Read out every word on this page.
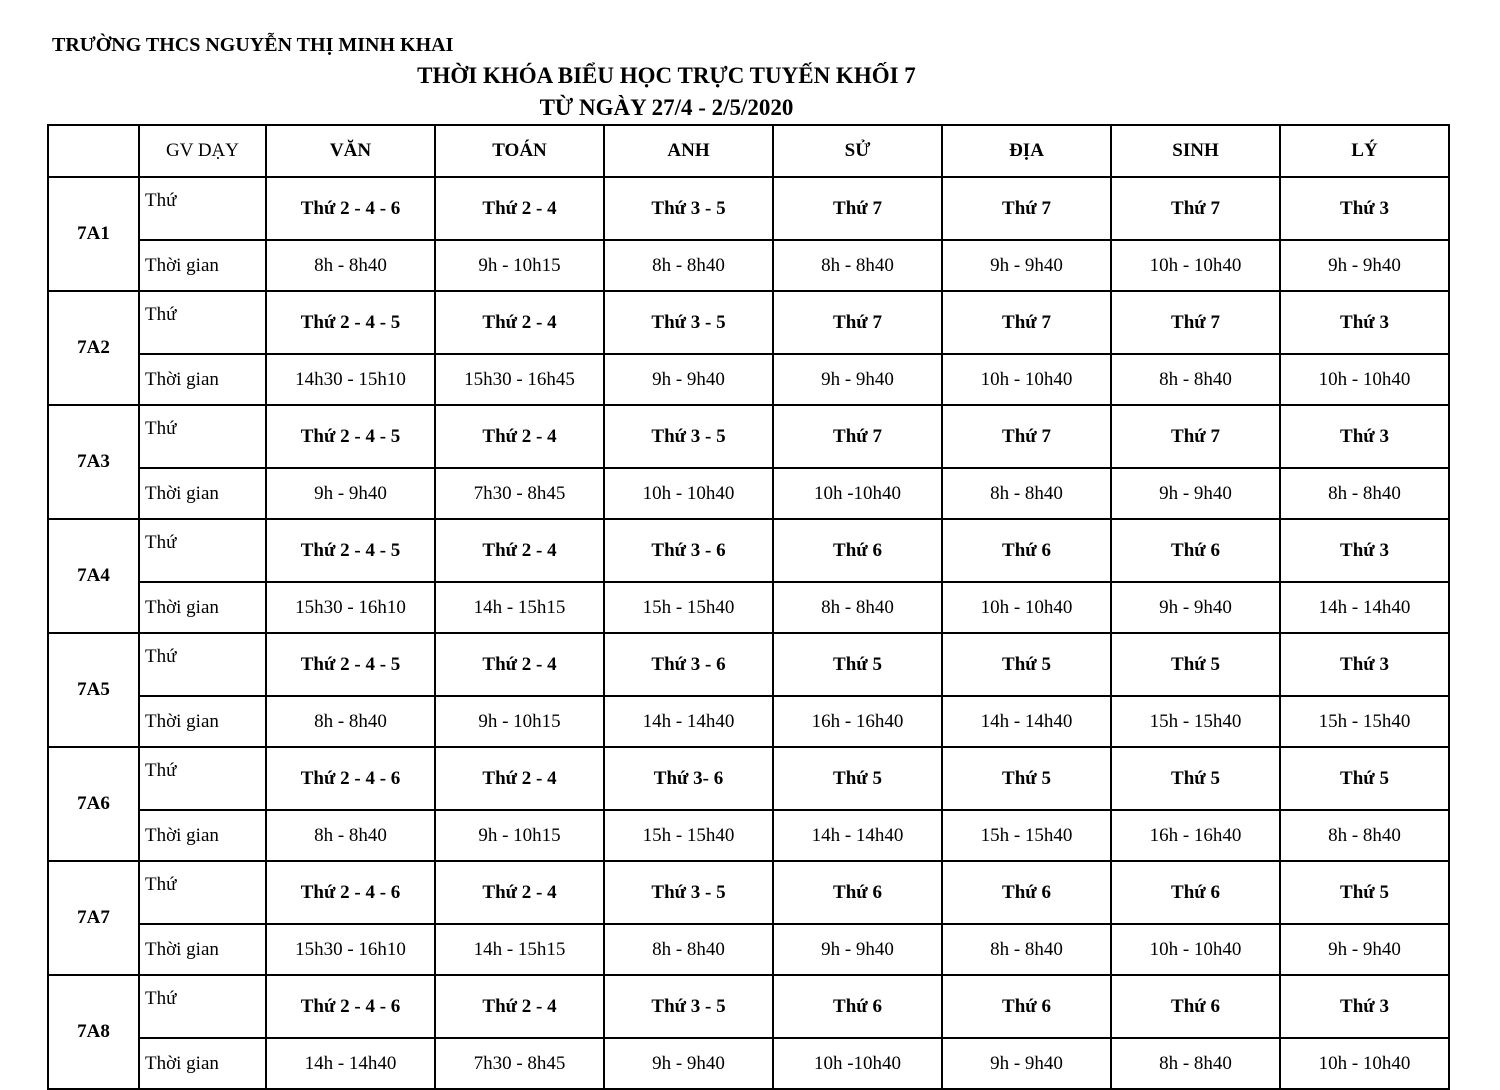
TRƯỜNG THCS NGUYỄN THỊ MINH KHAI
THỜI KHÓA BIỂU HỌC TRỰC TUYẾN KHỐI 7
TỪ NGÀY 27/4 - 2/5/2020
	GV DẠY	VĂN	TOÁN	ANH	SỬ	ĐỊA	SINH	LÝ
7A1	Thứ	Thứ 2 - 4 - 6	Thứ 2 - 4	Thứ 3 - 5	Thứ 7	Thứ 7	Thứ 7	Thứ 3
	Thời gian	8h - 8h40	9h - 10h15	8h - 8h40	8h - 8h40	9h - 9h40	10h - 10h40	9h - 9h40
7A2	Thứ	Thứ 2 - 4 - 5	Thứ 2 - 4	Thứ 3 - 5	Thứ 7	Thứ 7	Thứ 7	Thứ 3
	Thời gian	14h30 - 15h10	15h30 - 16h45	9h - 9h40	9h - 9h40	10h - 10h40	8h - 8h40	10h - 10h40
7A3	Thứ	Thứ 2 - 4 - 5	Thứ 2 - 4	Thứ 3 - 5	Thứ 7	Thứ 7	Thứ 7	Thứ 3
	Thời gian	9h - 9h40	7h30 - 8h45	10h - 10h40	10h -10h40	8h - 8h40	9h - 9h40	8h - 8h40
7A4	Thứ	Thứ 2 - 4 - 5	Thứ 2 - 4	Thứ 3 - 6	Thứ 6	Thứ 6	Thứ 6	Thứ 3
	Thời gian	15h30 - 16h10	14h - 15h15	15h - 15h40	8h - 8h40	10h - 10h40	9h - 9h40	14h - 14h40
7A5	Thứ	Thứ 2 - 4 - 5	Thứ 2 - 4	Thứ 3 - 6	Thứ 5	Thứ 5	Thứ 5	Thứ 3
	Thời gian	8h - 8h40	9h - 10h15	14h - 14h40	16h - 16h40	14h - 14h40	15h - 15h40	15h - 15h40
7A6	Thứ	Thứ 2 - 4 - 6	Thứ 2 - 4	Thứ 3- 6	Thứ 5	Thứ 5	Thứ 5	Thứ 5
	Thời gian	8h - 8h40	9h - 10h15	15h - 15h40	14h - 14h40	15h - 15h40	16h - 16h40	8h - 8h40
7A7	Thứ	Thứ 2 - 4 - 6	Thứ 2 - 4	Thứ 3 - 5	Thứ 6	Thứ 6	Thứ 6	Thứ 5
	Thời gian	15h30 - 16h10	14h - 15h15	8h - 8h40	9h - 9h40	8h - 8h40	10h - 10h40	9h - 9h40
7A8	Thứ	Thứ 2 - 4 - 6	Thứ 2 - 4	Thứ 3 - 5	Thứ 6	Thứ 6	Thứ 6	Thứ 3
	Thời gian	14h - 14h40	7h30 - 8h45	9h - 9h40	10h -10h40	9h - 9h40	8h - 8h40	10h - 10h40
